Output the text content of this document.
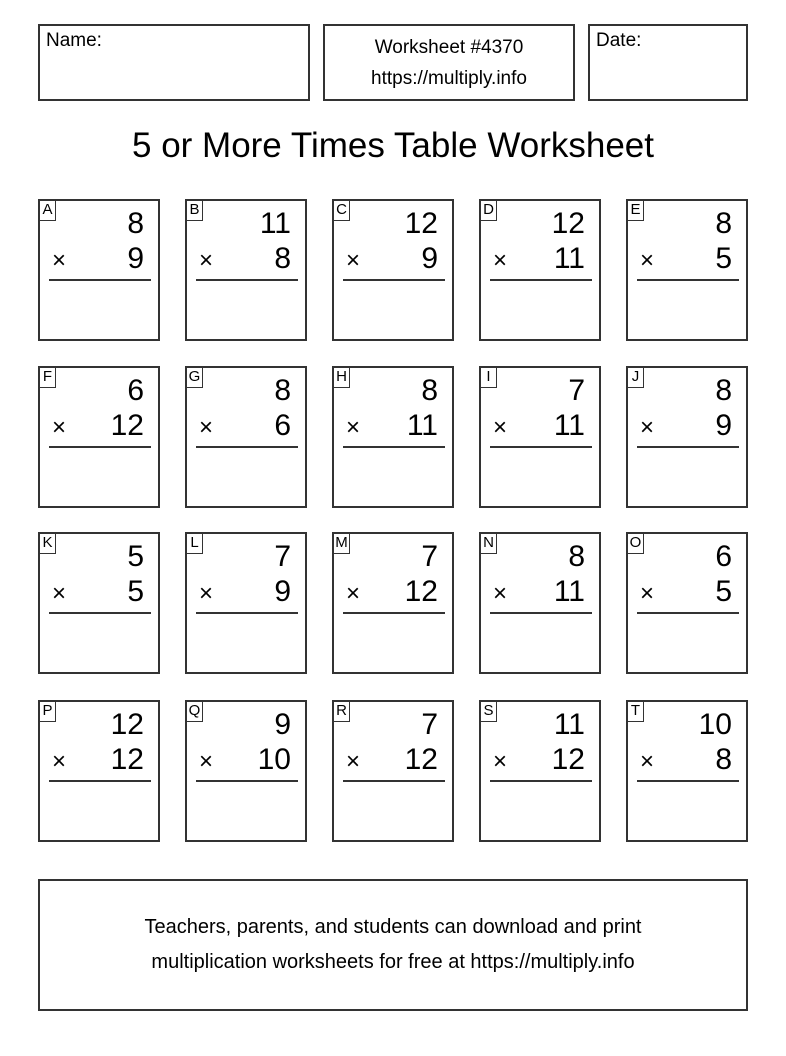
Name:	Worksheet #4370
https://multiply.info
Date:
5 or More Times Table Worksheet
A 8
× 9
B 11
× 8
C 12
× 9
D 12
× 11
E 8
× 5
F	6
× 12
G 8
× 6
H 8
× 11
I	7
× 11
J	8
× 9
K 5
× 5
L	7
× 9
M 7
× 12
N 8
× 11
O 6
× 5
P 12
× 12
Q 9
× 10
R 7
× 12
S 11
× 12
T 10
× 8
Teachers, parents, and students can download and print
multiplication worksheets for free at https://multiply.info
